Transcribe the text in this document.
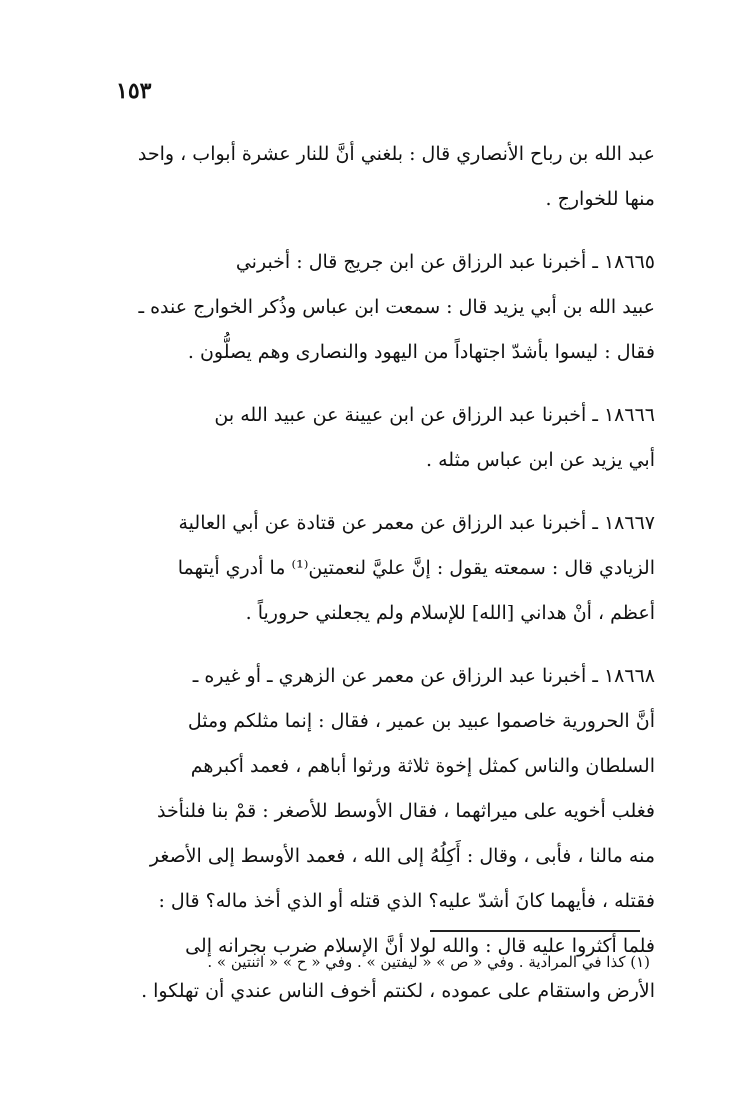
١٥٣
عبد الله بن رباح الأنصاري قال : بلغني أنَّ للنار عشرة أبواب ، واحد
منها للخوارج .
١٨٦٦٥ ـ أخبرنا عبد الرزاق عن ابن جريج قال : أخبرني
عبيد الله بن أبي يزيد قال : سمعت ابن عباس وذُكر الخوارج عنده ـ
فقال : ليسوا بأشدّ اجتهاداً من اليهود والنصارى وهم يصلُّون .
١٨٦٦٦ ـ أخبرنا عبد الرزاق عن ابن عيينة عن عبيد الله بن
أبي يزيد عن ابن عباس مثله .
١٨٦٦٧ ـ أخبرنا عبد الرزاق عن معمر عن قتادة عن أبي العالية
الزيادي قال : سمعته يقول : إنَّ عليَّ لنعمتين⁽¹⁾ ما أدري أيتهما
أعظم ، أنْ هداني [الله] للإسلام ولم يجعلني حرورياً .
١٨٦٦٨ ـ أخبرنا عبد الرزاق عن معمر عن الزهري ـ أو غيره ـ
أنَّ الحرورية خاصموا عبيد بن عمير ، فقال : إنما مثلكم ومثل
السلطان والناس كمثل إخوة ثلاثة ورثوا أباهم ، فعمد أكبرهم
فغلب أخويه على ميراثهما ، فقال الأوسط للأصغر : قمْ بنا فلنأخذ
منه مالنا ، فأبى ، وقال : أَكِلُهُ إلى الله ، فعمد الأوسط إلى الأصغر
فقتله ، فأيهما كانَ أشدّ عليه؟ الذي قتله أو الذي أخذ ماله؟ قال :
فلما أكثروا عليه قال : والله لولا أنَّ الإسلام ضرب بجرانه إلى
الأرض واستقام على عموده ، لكنتم أخوف الناس عندي أن تهلكوا .
(١) كذا في المرادية . وفي « ص » « ليفتين » . وفي « ح » « اثنتين » .
